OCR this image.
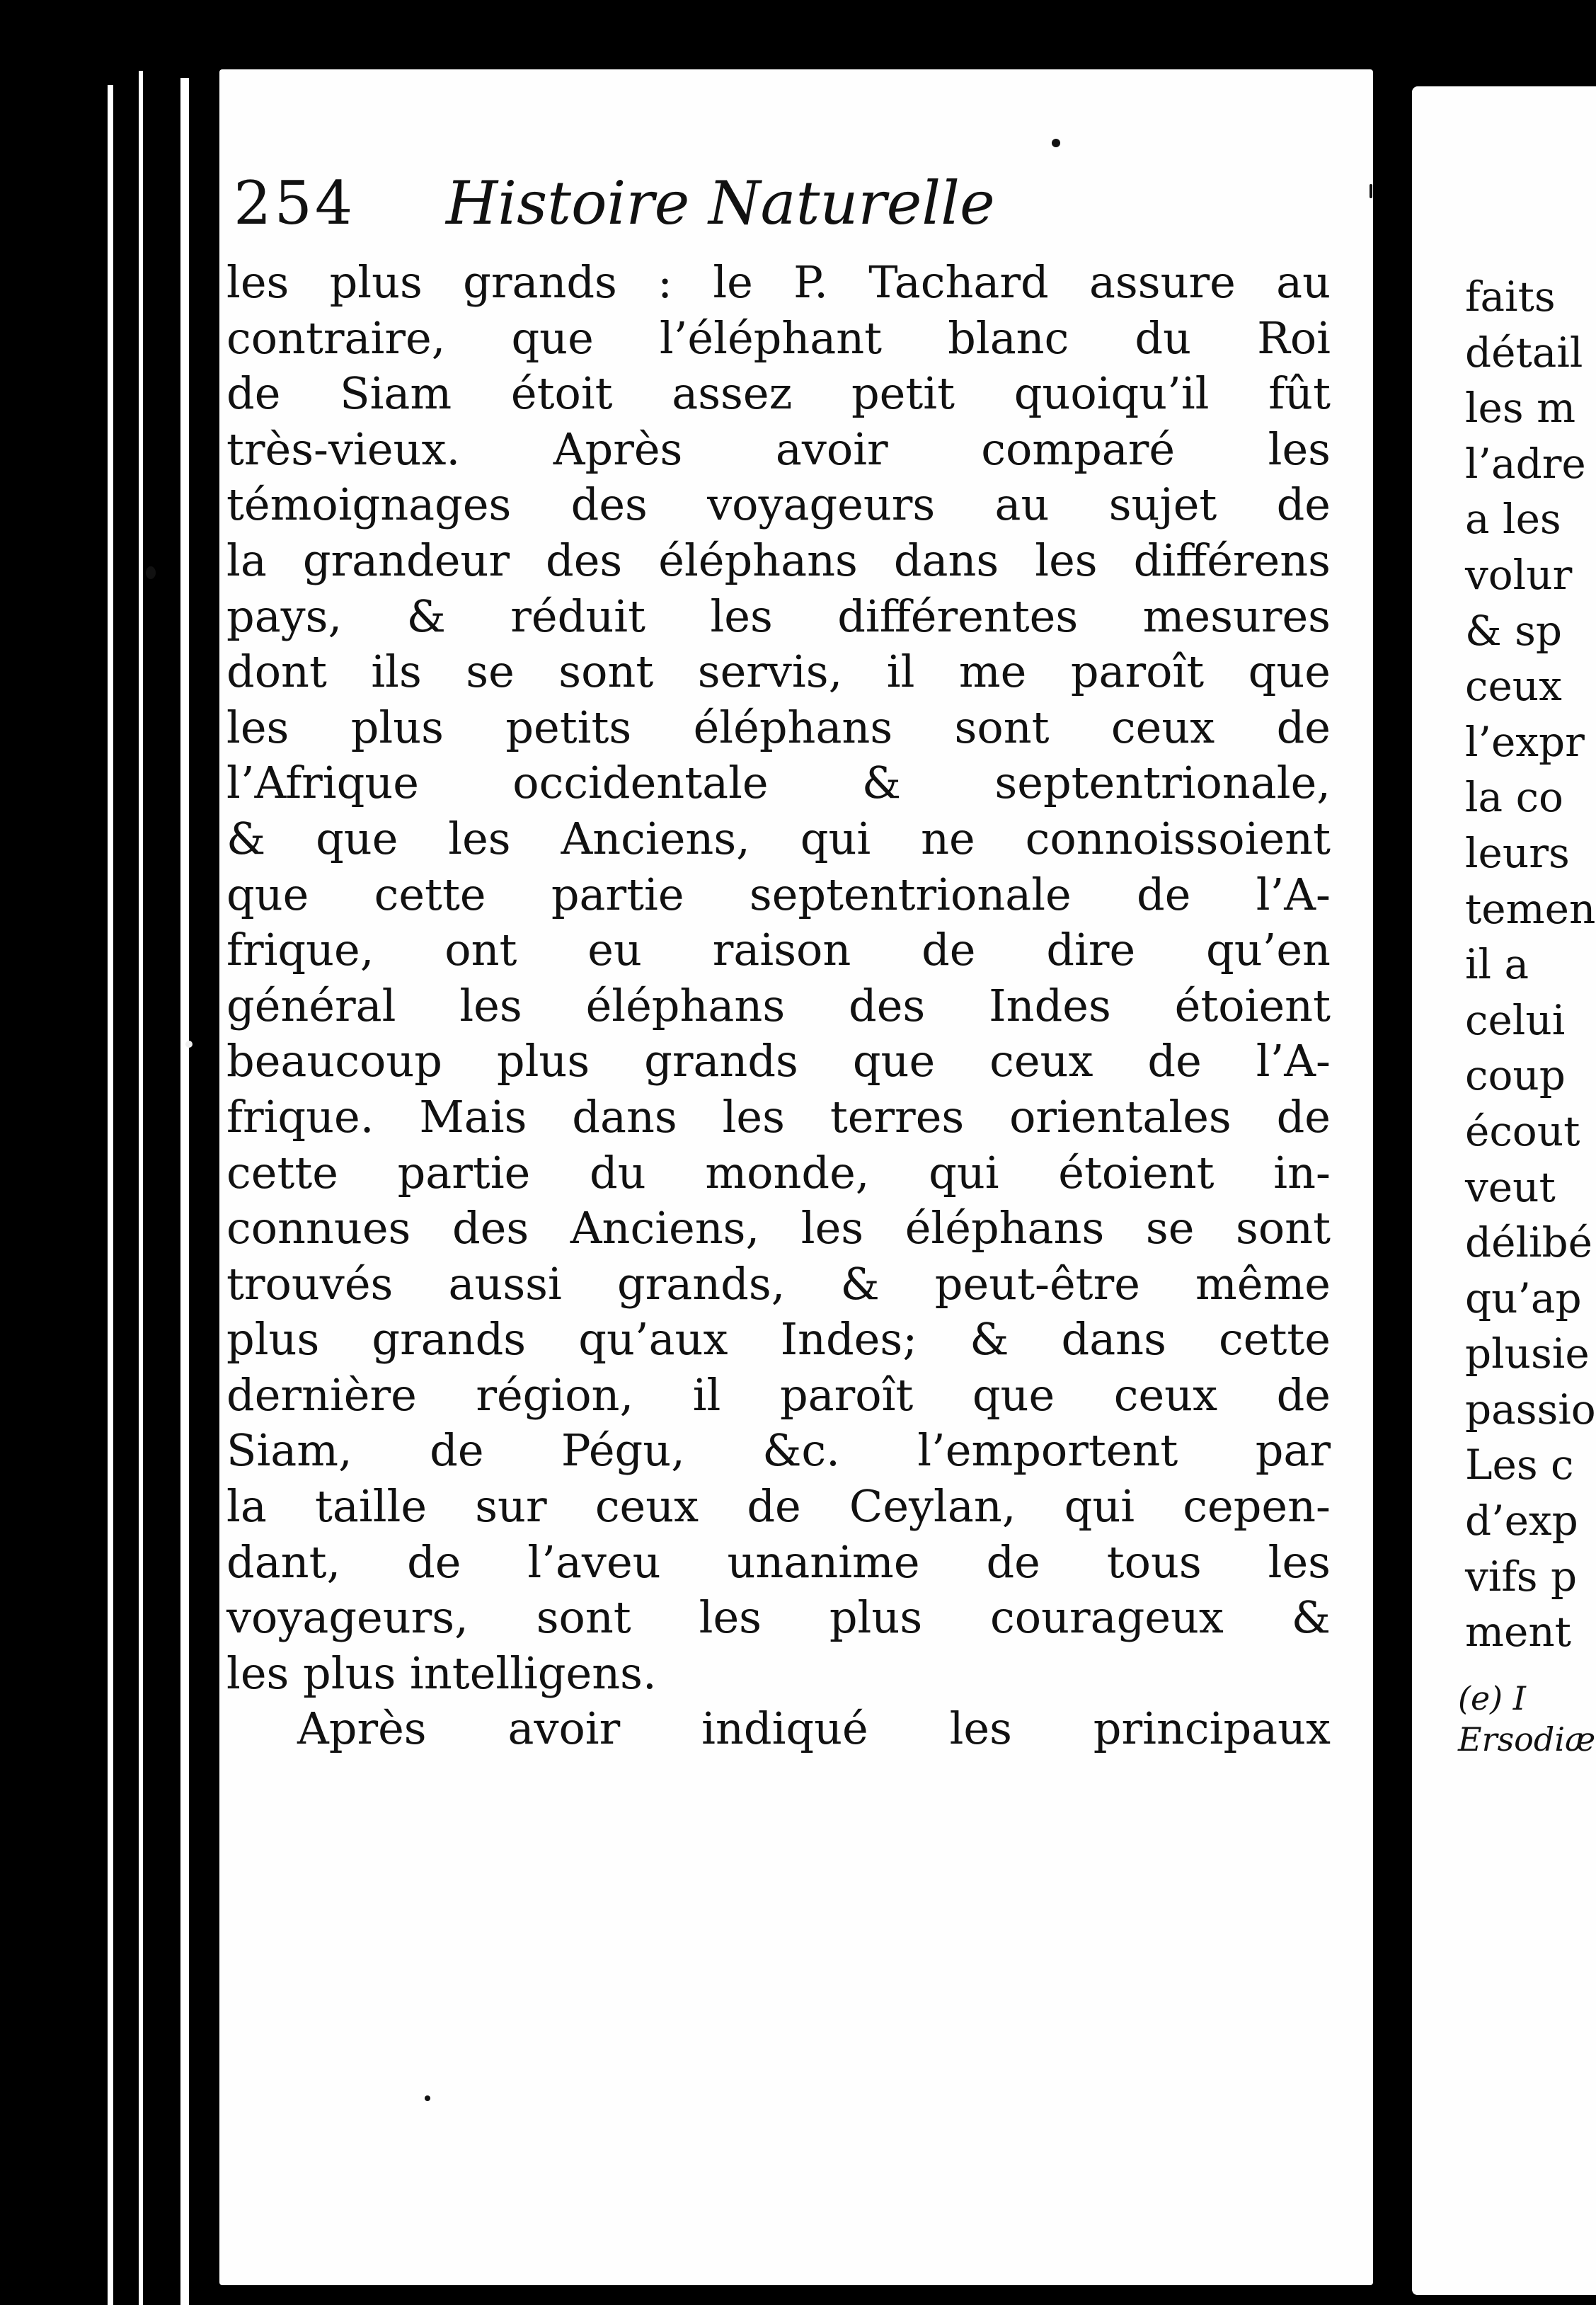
254 Histoire Naturelle
les plus grands : le P. Tachard assure au
contraire, que l’éléphant blanc du Roi
de Siam étoit assez petit quoiqu’il fût
très-vieux. Après avoir comparé les
témoignages des voyageurs au sujet de
la grandeur des éléphans dans les différens
pays, & réduit les différentes mesures
dont ils se sont servis, il me paroît que
les plus petits éléphans sont ceux de
l’Afrique occidentale & septentrionale,
& que les Anciens, qui ne connoissoient
que cette partie septentrionale de l’A-
frique, ont eu raison de dire qu’en
général les éléphans des Indes étoient
beaucoup plus grands que ceux de l’A-
frique. Mais dans les terres orientales de
cette partie du monde, qui étoient in-
connues des Anciens, les éléphans se sont
trouvés aussi grands, & peut-être même
plus grands qu’aux Indes; & dans cette
dernière région, il paroît que ceux de
Siam, de Pégu, &c. l’emportent par
la taille sur ceux de Ceylan, qui cepen-
dant, de l’aveu unanime de tous les
voyageurs, sont les plus courageux &
les plus intelligens.
Après avoir indiqué les principaux
faits
détail
les m
l’adre
a les
volur
& sp
ceux
l’expr
la co
leurs
temen
il a
celui
coup
écout
veut
délibé
qu’ap
plusie
passio
Les c
d’exp
vifs p
ment
(e) I
Ersodiæ
